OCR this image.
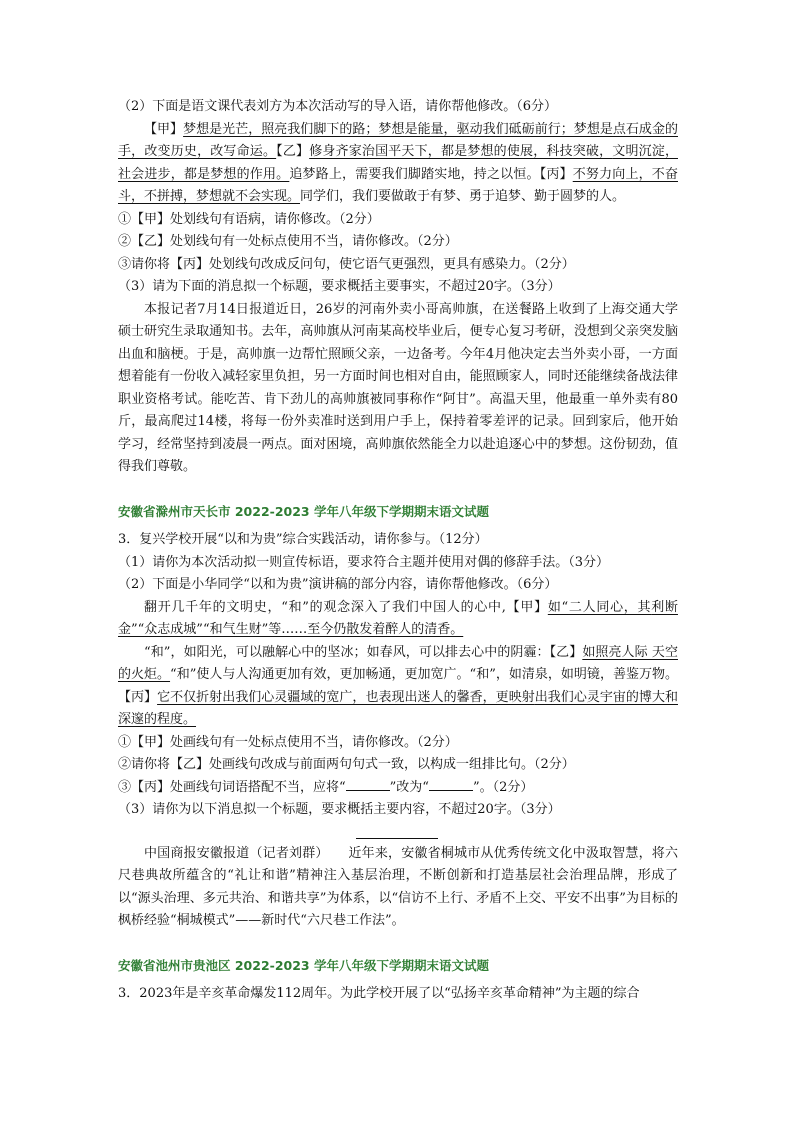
（2）下面是语文课代表刘方为本次活动写的导入语，请你帮他修改。（6分）
【甲】梦想是光芒，照亮我们脚下的路；梦想是能量，驱动我们砥砺前行；梦想是点石成金的手，改变历史，改写命运。【乙】修身齐家治国平天下，都是梦想的使展，科技突破，文明沉淀，社会进步，都是梦想的作用。追梦路上，需要我们脚踏实地，持之以恒。【丙】不努力向上，不奋斗，不拼搏，梦想就不会实现。同学们，我们要做敢于有梦、勇于追梦、勤于圆梦的人。
①【甲】处划线句有语病，请你修改。（2分）
②【乙】处划线句有一处标点使用不当，请你修改。（2分）
③请你将【丙】处划线句改成反问句，使它语气更强烈，更具有感染力。（2分）
（3）请为下面的消息拟一个标题，要求概括主要事实，不超过20字。（3分）
本报记者7月14日报道近日，26岁的河南外卖小哥高帅旗，在送餐路上收到了上海交通大学硕士研究生录取通知书。去年，高帅旗从河南某高校毕业后，便专心复习考研，没想到父亲突发脑出血和脑梗。于是，高帅旗一边帮忙照顾父亲，一边备考。今年4月他决定去当外卖小哥，一方面想着能有一份收入减轻家里负担，另一方面时间也相对自由，能照顾家人，同时还能继续备战法律职业资格考试。能吃苦、肯下劲儿的高帅旗被同事称作“阿甘”。高温天里，他最重一单外卖有80斤，最高爬过14楼，将每一份外卖准时送到用户手上，保持着零差评的记录。回到家后，他开始学习，经常坚持到凌晨一两点。面对困境，高帅旗依然能全力以赴追逐心中的梦想。这份韧劲，值得我们尊敬。
安徽省滁州市天长市 2022-2023 学年八年级下学期期末语文试题
3．复兴学校开展“以和为贵”综合实践活动，请你参与。（12分）
（1）请你为本次活动拟一则宣传标语，要求符合主题并使用对偶的修辞手法。（3分）
（2）下面是小华同学“以和为贵”演讲稿的部分内容，请你帮他修改。（6分）
翻开几千年的文明史，“和”的观念深入了我们中国人的心中,【甲】如“二人同心，其利断金”“众志成城”“和气生财”等……至今仍散发着醉人的清香。
“和”，如阳光，可以融解心中的坚冰；如春风，可以排去心中的阴霾：【乙】如照亮人际 天空的火炬。“和”使人与人沟通更加有效，更加畅通，更加宽广。“和”，如清泉，如明镜，善鉴万物。【丙】它不仅折射出我们心灵疆域的宽广，也表现出迷人的馨香，更映射出我们心灵宇宙的博大和深邃的程度。
①【甲】处画线句有一处标点使用不当，请你修改。（2分）
②请你将【乙】处画线句改成与前面两句句式一致，以构成一组排比句。（2分）
③【丙】处画线句词语搭配不当，应将“	”改为“	”。（2分）
（3）请你为以下消息拟一个标题，要求概括主要内容，不超过20字。（3分）
中国商报安徽报道（记者刘群）　　近年来，安徽省桐城市从优秀传统文化中汲取智慧，将六尺巷典故所蕴含的“礼让和谐”精神注入基层治理，不断创新和打造基层社会治理品牌，形成了以“源头治理、多元共治、和谐共享”为体系，以“信访不上行、矛盾不上交、平安不出事”为目标的枫桥经验“桐城模式”——新时代“六尺巷工作法”。
安徽省池州市贵池区 2022-2023 学年八年级下学期期末语文试题
3．2023年是辛亥革命爆发112周年。为此学校开展了以“弘扬辛亥革命精神”为主题的综合
